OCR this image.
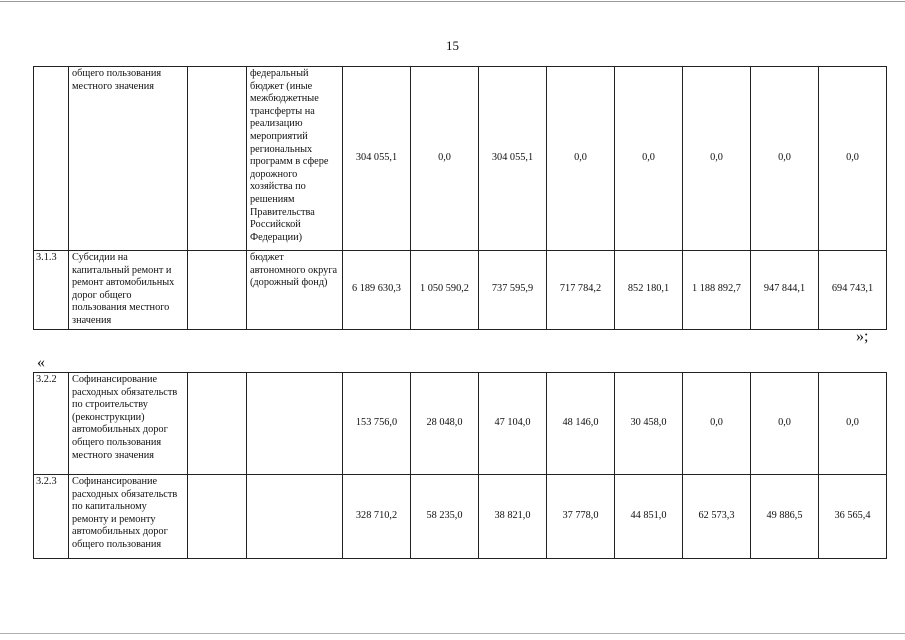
15
	общего пользования местного значения		федеральный бюджет (иные межбюджетные трансферты на реализацию мероприятий региональных программ в сфере дорожного хозяйства по решениям Правительства Российской Федерации)	304 055,1	0,0	304 055,1	0,0	0,0	0,0	0,0	0,0
3.1.3	Субсидии на капитальный ремонт и ремонт автомобильных дорог общего пользования местного значения		бюджет автономного округа (дорожный фонд)	6 189 630,3	1 050 590,2	737 595,9	717 784,2	852 180,1	1 188 892,7	947 844,1	694 743,1
»;
«
3.2.2	Софинансирование расходных обязательств по строительству (реконструкции) автомобильных дорог общего пользования местного значения			153 756,0	28 048,0	47 104,0	48 146,0	30 458,0	0,0	0,0	0,0
3.2.3	Софинансирование расходных обязательств по капитальному ремонту и ремонту автомобильных дорог общего пользования			328 710,2	58 235,0	38 821,0	37 778,0	44 851,0	62 573,3	49 886,5	36 565,4
